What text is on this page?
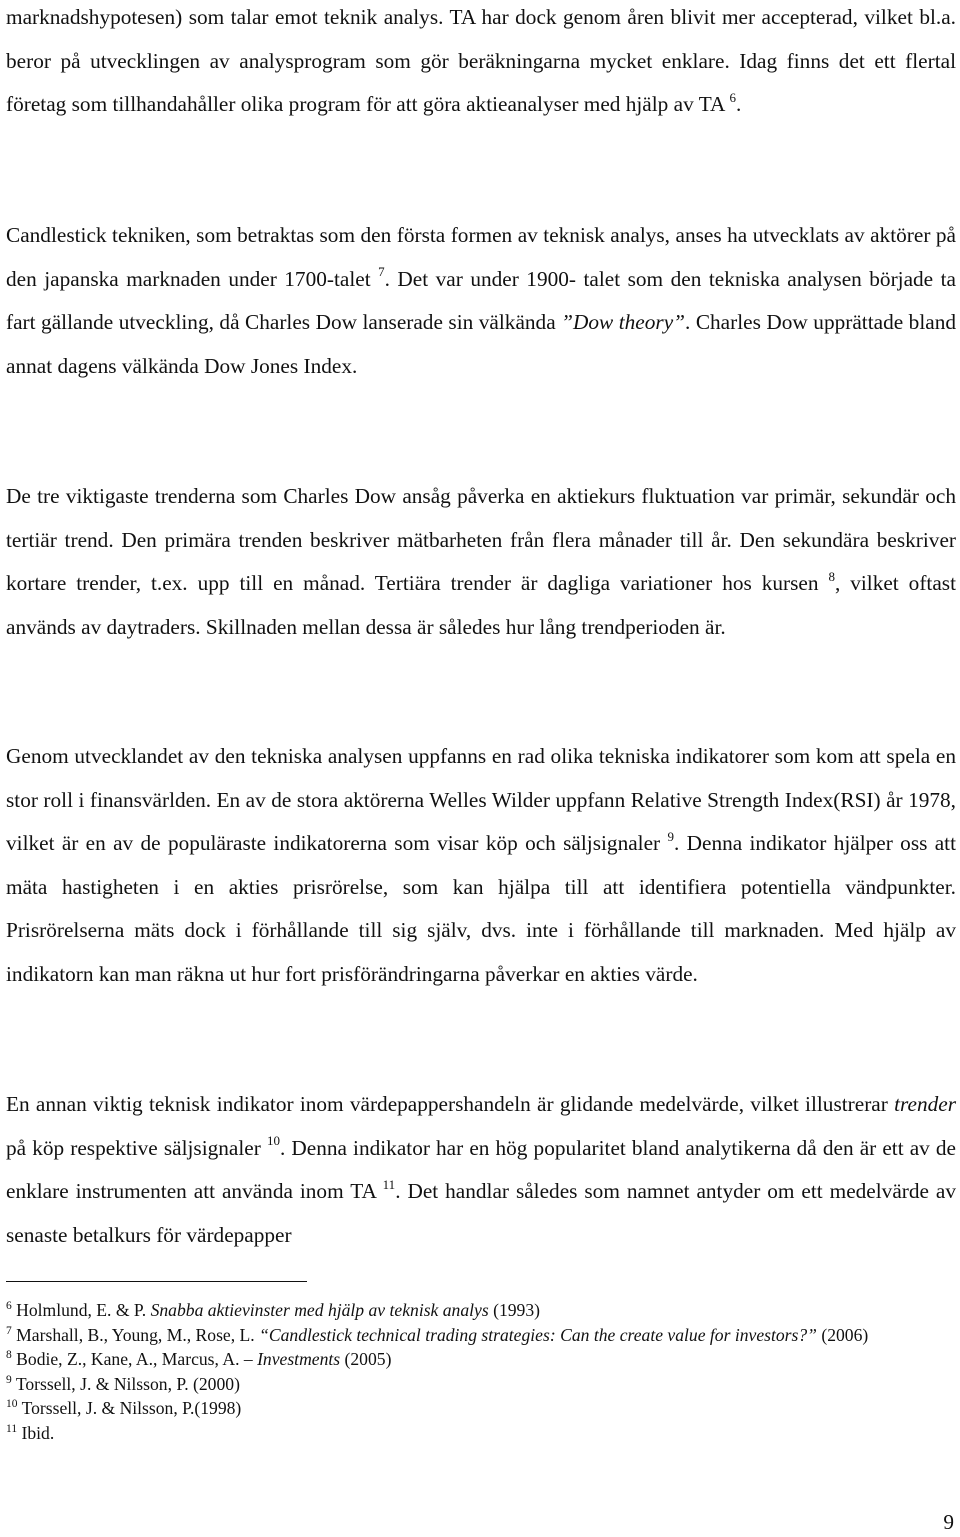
marknadshypotesen) som talar emot teknik analys. TA har dock genom åren blivit mer accepterad, vilket bl.a. beror på utvecklingen av analysprogram som gör beräkningarna mycket enklare. Idag finns det ett flertal företag som tillhandahåller olika program för att göra aktieanalyser med hjälp av TA $^6$.

Candlestick tekniken, som betraktas som den första formen av teknisk analys, anses ha utvecklats av aktörer på den japanska marknaden under 1700-talet $^7$. Det var under 1900- talet som den tekniska analysen började ta fart gällande utveckling, då Charles Dow lanserade sin välkända ”Dow theory”. Charles Dow upprättade bland annat dagens välkända Dow Jones Index.

De tre viktigaste trenderna som Charles Dow ansåg påverka en aktiekurs fluktuation var primär, sekundär och tertiär trend. Den primära trenden beskriver mätbarheten från flera månader till år. Den sekundära beskriver kortare trender, t.ex. upp till en månad. Tertiära trender är dagliga variationer hos kursen $^8$, vilket oftast används av daytraders. Skillnaden mellan dessa är således hur lång trendperioden är.

Genom utvecklandet av den tekniska analysen uppfanns en rad olika tekniska indikatorer som kom att spela en stor roll i finansvärlden. En av de stora aktörerna Welles Wilder uppfann Relative Strength Index(RSI) år 1978, vilket är en av de populäraste indikatorerna som visar köp och säljsignaler $^9$. Denna indikator hjälper oss att mäta hastigheten i en akties prisrörelse, som kan hjälpa till att identifiera potentiella vändpunkter. Prisrörelserna mäts dock i förhållande till sig själv, dvs. inte i förhållande till marknaden. Med hjälp av indikatorn kan man räkna ut hur fort prisförändringarna påverkar en akties värde.

En annan viktig teknisk indikator inom värdepappershandeln är glidande medelvärde, vilket illustrerar trender på köp respektive säljsignaler $^{10}$. Denna indikator har en hög popularitet bland analytikerna då den är ett av de enklare instrumenten att använda inom TA $^{11}$. Det handlar således som namnet antyder om ett medelvärde av senaste betalkurs för värdepapper

$^6$ Holmlund, E. & P. Snabba aktievinster med hjälp av teknisk analys (1993)

$^7$ Marshall, B., Young, M., Rose, L. “Candlestick technical trading strategies: Can the create value for investors?” (2006)

$^8$ Bodie, Z., Kane, A., Marcus, A. – Investments (2005)

$^9$ Torssell, J. & Nilsson, P. (2000)

$^{10}$ Torssell, J. & Nilsson, P.(1998)

$^{11}$ Ibid.

9
